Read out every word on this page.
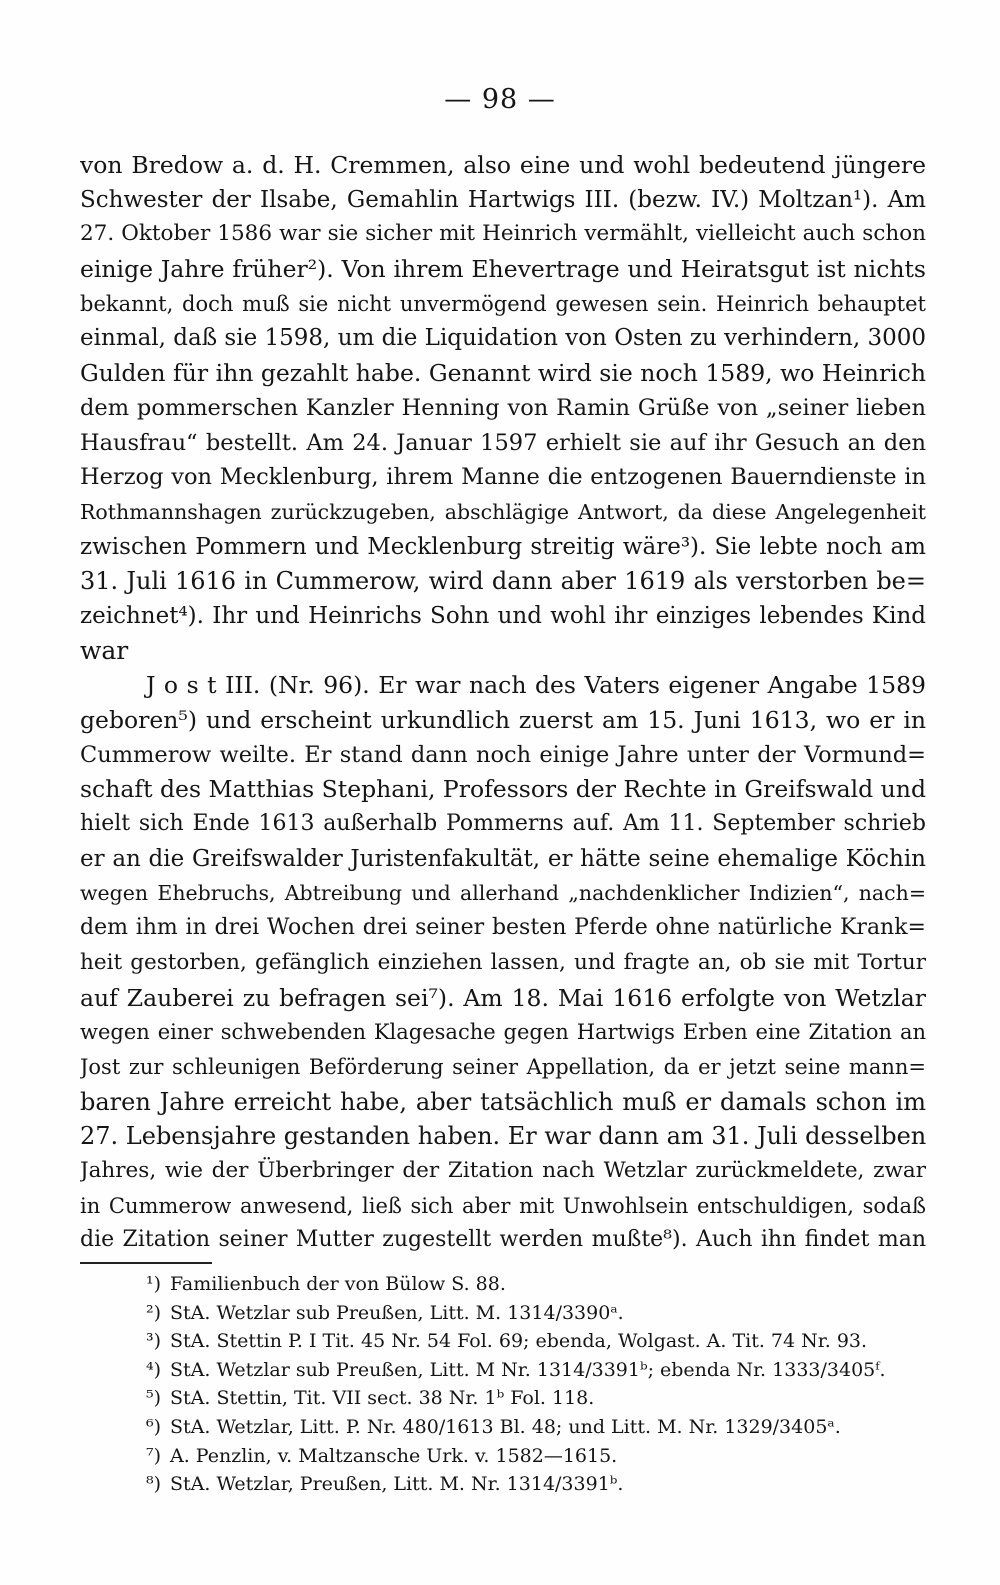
— 98 —
von Bredow a. d. H. Cremmen, also eine und wohl bedeutend jüngere
Schwester der Ilsabe, Gemahlin Hartwigs III. (bezw. IV.) Moltzan¹). Am
27. Oktober 1586 war sie sicher mit Heinrich vermählt, vielleicht auch schon
einige Jahre früher²). Von ihrem Ehevertrage und Heiratsgut ist nichts
bekannt, doch muß sie nicht unvermögend gewesen sein. Heinrich behauptet
einmal, daß sie 1598, um die Liquidation von Osten zu verhindern, 3000
Gulden für ihn gezahlt habe. Genannt wird sie noch 1589, wo Heinrich
dem pommerschen Kanzler Henning von Ramin Grüße von „seiner lieben
Hausfrau“ bestellt. Am 24. Januar 1597 erhielt sie auf ihr Gesuch an den
Herzog von Mecklenburg, ihrem Manne die entzogenen Bauerndienste in
Rothmannshagen zurückzugeben, abschlägige Antwort, da diese Angelegenheit
zwischen Pommern und Mecklenburg streitig wäre³). Sie lebte noch am
31. Juli 1616 in Cummerow, wird dann aber 1619 als verstorben be=
zeichnet⁴). Ihr und Heinrichs Sohn und wohl ihr einziges lebendes Kind
war
J o s t III. (Nr. 96). Er war nach des Vaters eigener Angabe 1589
geboren⁵) und erscheint urkundlich zuerst am 15. Juni 1613, wo er in
Cummerow weilte. Er stand dann noch einige Jahre unter der Vormund=
schaft des Matthias Stephani, Professors der Rechte in Greifswald und
hielt sich Ende 1613 außerhalb Pommerns auf. Am 11. September schrieb
er an die Greifswalder Juristenfakultät, er hätte seine ehemalige Köchin
wegen Ehebruchs, Abtreibung und allerhand „nachdenklicher Indizien“, nach=
dem ihm in drei Wochen drei seiner besten Pferde ohne natürliche Krank=
heit gestorben, gefänglich einziehen lassen, und fragte an, ob sie mit Tortur
auf Zauberei zu befragen sei⁷). Am 18. Mai 1616 erfolgte von Wetzlar
wegen einer schwebenden Klagesache gegen Hartwigs Erben eine Zitation an
Jost zur schleunigen Beförderung seiner Appellation, da er jetzt seine mann=
baren Jahre erreicht habe, aber tatsächlich muß er damals schon im
27. Lebensjahre gestanden haben. Er war dann am 31. Juli desselben
Jahres, wie der Überbringer der Zitation nach Wetzlar zurückmeldete, zwar
in Cummerow anwesend, ließ sich aber mit Unwohlsein entschuldigen, sodaß
die Zitation seiner Mutter zugestellt werden mußte⁸). Auch ihn findet man
¹) Familienbuch der von Bülow S. 88.
²) StA. Wetzlar sub Preußen, Litt. M. 1314/3390ᵃ.
³) StA. Stettin P. I Tit. 45 Nr. 54 Fol. 69; ebenda, Wolgast. A. Tit. 74 Nr. 93.
⁴) StA. Wetzlar sub Preußen, Litt. M Nr. 1314/3391ᵇ; ebenda Nr. 1333/3405ᶠ.
⁵) StA. Stettin, Tit. VII sect. 38 Nr. 1ᵇ Fol. 118.
⁶) StA. Wetzlar, Litt. P. Nr. 480/1613 Bl. 48; und Litt. M. Nr. 1329/3405ᵃ.
⁷) A. Penzlin, v. Maltzansche Urk. v. 1582—1615.
⁸) StA. Wetzlar, Preußen, Litt. M. Nr. 1314/3391ᵇ.
